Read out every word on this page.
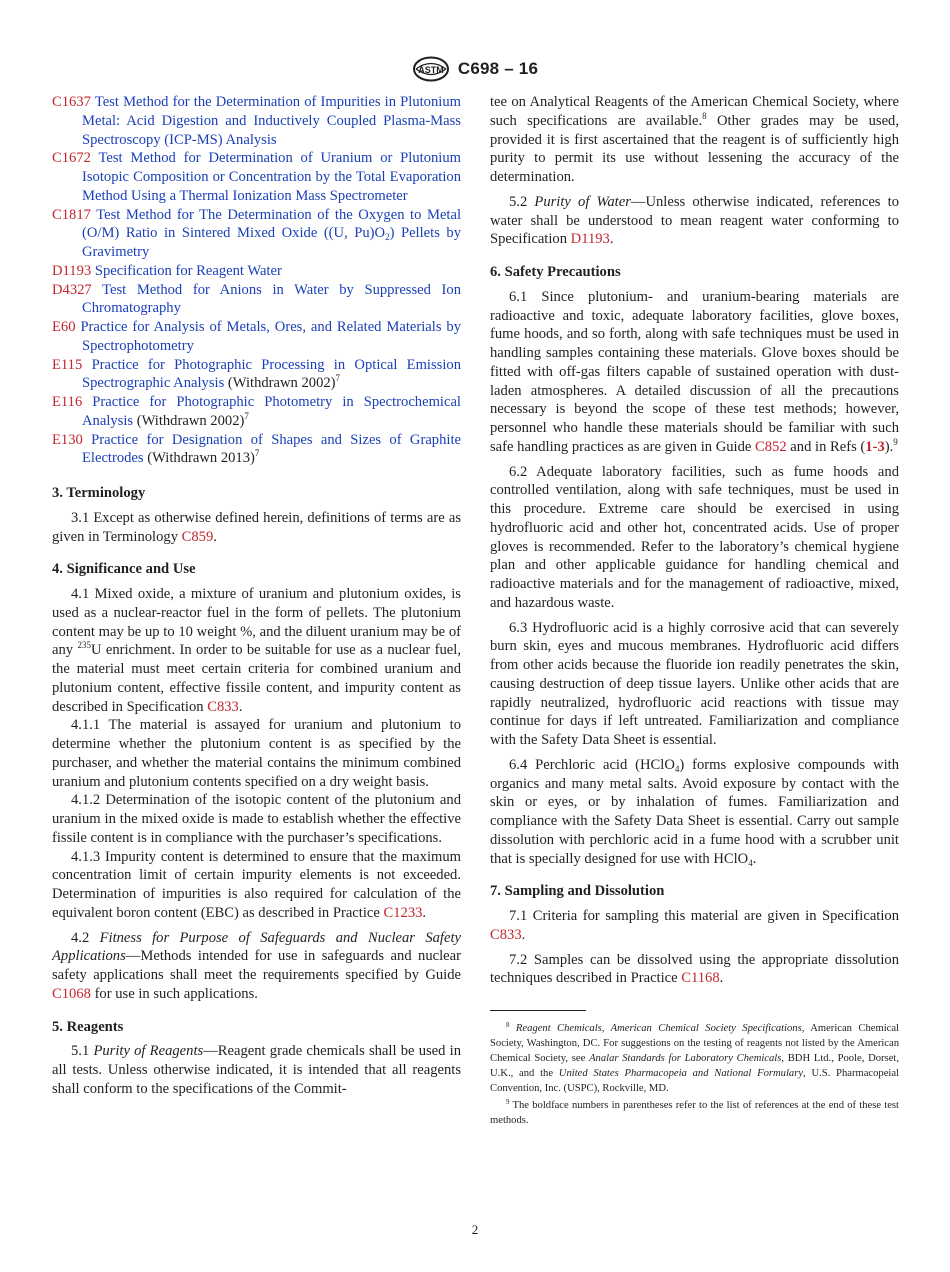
ASTM C698 – 16

C1637 Test Method for the Determination of Impurities in Plutonium Metal: Acid Digestion and Inductively Coupled Plasma-Mass Spectroscopy (ICP-MS) Analysis

C1672 Test Method for Determination of Uranium or Plutonium Isotopic Composition or Concentration by the Total Evaporation Method Using a Thermal Ionization Mass Spectrometer

C1817 Test Method for The Determination of the Oxygen to Metal (O/M) Ratio in Sintered Mixed Oxide ((U, $Pu)O_2$) Pellets by Gravimetry

D1193 Specification for Reagent Water

D4327 Test Method for Anions in Water by Suppressed Ion Chromatography

E60 Practice for Analysis of Metals, Ores, and Related Materials by Spectrophotometry

E115 Practice for Photographic Processing in Optical Emission Spectrographic Analysis (Withdrawn 2002)$^7$

E116 Practice for Photographic Photometry in Spectrochemical Analysis (Withdrawn 2002)$^7$

E130 Practice for Designation of Shapes and Sizes of Graphite Electrodes (Withdrawn 2013)$^7$

3. Terminology

3.1 Except as otherwise defined herein, definitions of terms are as given in Terminology C859.

4. Significance and Use

4.1 Mixed oxide, a mixture of uranium and plutonium oxides, is used as a nuclear-reactor fuel in the form of pellets. The plutonium content may be up to 10 weight %, and the diluent uranium may be of any $^{235}$U enrichment. In order to be suitable for use as a nuclear fuel, the material must meet certain criteria for combined uranium and plutonium content, effective fissile content, and impurity content as described in Specification C833.

4.1.1 The material is assayed for uranium and plutonium to determine whether the plutonium content is as specified by the purchaser, and whether the material contains the minimum combined uranium and plutonium contents specified on a dry weight basis.

4.1.2 Determination of the isotopic content of the plutonium and uranium in the mixed oxide is made to establish whether the effective fissile content is in compliance with the purchaser’s specifications.

4.1.3 Impurity content is determined to ensure that the maximum concentration limit of certain impurity elements is not exceeded. Determination of impurities is also required for calculation of the equivalent boron content (EBC) as described in Practice C1233.

4.2 Fitness for Purpose of Safeguards and Nuclear Safety Applications—Methods intended for use in safeguards and nuclear safety applications shall meet the requirements specified by Guide C1068 for use in such applications.

5. Reagents

5.1 Purity of Reagents—Reagent grade chemicals shall be used in all tests. Unless otherwise indicated, it is intended that all reagents shall conform to the specifications of the Commit-

tee on Analytical Reagents of the American Chemical Society, where such specifications are available.$^8$ Other grades may be used, provided it is first ascertained that the reagent is of sufficiently high purity to permit its use without lessening the accuracy of the determination.

5.2 Purity of Water—Unless otherwise indicated, references to water shall be understood to mean reagent water conforming to Specification D1193.

6. Safety Precautions

6.1 Since plutonium- and uranium-bearing materials are radioactive and toxic, adequate laboratory facilities, glove boxes, fume hoods, and so forth, along with safe techniques must be used in handling samples containing these materials. Glove boxes should be fitted with off-gas filters capable of sustained operation with dust-laden atmospheres. A detailed discussion of all the precautions necessary is beyond the scope of these test methods; however, personnel who handle these materials should be familiar with such safe handling practices as are given in Guide C852 and in Refs (1-3).$^9$

6.2 Adequate laboratory facilities, such as fume hoods and controlled ventilation, along with safe techniques, must be used in this procedure. Extreme care should be exercised in using hydrofluoric acid and other hot, concentrated acids. Use of proper gloves is recommended. Refer to the laboratory’s chemical hygiene plan and other applicable guidance for handling chemical and radioactive materials and for the management of radioactive, mixed, and hazardous waste.

6.3 Hydrofluoric acid is a highly corrosive acid that can severely burn skin, eyes and mucous membranes. Hydrofluoric acid differs from other acids because the fluoride ion readily penetrates the skin, causing destruction of deep tissue layers. Unlike other acids that are rapidly neutralized, hydrofluoric acid reactions with tissue may continue for days if left untreated. Familiarization and compliance with the Safety Data Sheet is essential.

6.4 Perchloric acid (HClO$_4$) forms explosive compounds with organics and many metal salts. Avoid exposure by contact with the skin or eyes, or by inhalation of fumes. Familiarization and compliance with the Safety Data Sheet is essential. Carry out sample dissolution with perchloric acid in a fume hood with a scrubber unit that is specially designed for use with HClO$_4$.

7. Sampling and Dissolution

7.1 Criteria for sampling this material are given in Specification C833.

7.2 Samples can be dissolved using the appropriate dissolution techniques described in Practice C1168.

$^8$ Reagent Chemicals, American Chemical Society Specifications, American Chemical Society, Washington, DC. For suggestions on the testing of reagents not listed by the American Chemical Society, see Analar Standards for Laboratory Chemicals, BDH Ltd., Poole, Dorset, U.K., and the United States Pharmacopeia and National Formulary, U.S. Pharmacopeial Convention, Inc. (USPC), Rockville, MD.

$^9$ The boldface numbers in parentheses refer to the list of references at the end of these test methods.

2
